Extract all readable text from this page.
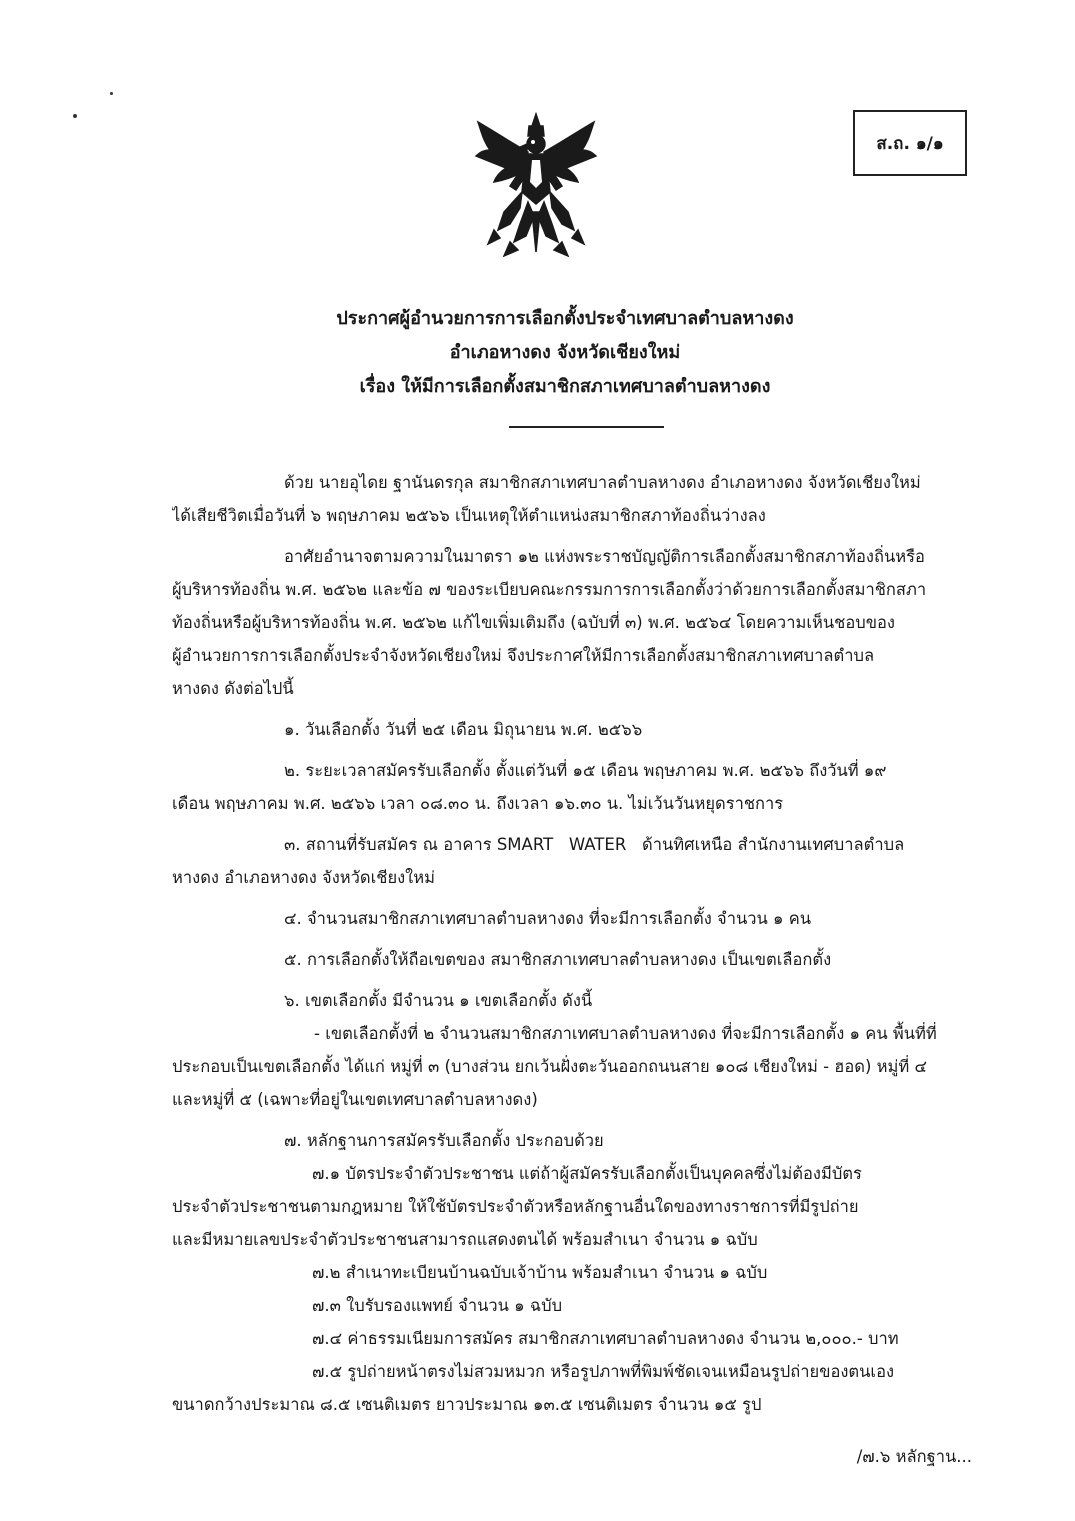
ส.ถ. ๑/๑
ประกาศผู้อำนวยการการเลือกตั้งประจำเทศบาลตำบลหางดง
อำเภอหางดง จังหวัดเชียงใหม่
เรื่อง ให้มีการเลือกตั้งสมาชิกสภาเทศบาลตำบลหางดง
ด้วย นายอุไดย ฐานันดรกุล สมาชิกสภาเทศบาลตำบลหางดง อำเภอหางดง จังหวัดเชียงใหม่
ได้เสียชีวิตเมื่อวันที่ ๖ พฤษภาคม ๒๕๖๖ เป็นเหตุให้ตำแหน่งสมาชิกสภาท้องถิ่นว่างลง
อาศัยอำนาจตามความในมาตรา ๑๒ แห่งพระราชบัญญัติการเลือกตั้งสมาชิกสภาท้องถิ่นหรือ
ผู้บริหารท้องถิ่น พ.ศ. ๒๕๖๒ และข้อ ๗ ของระเบียบคณะกรรมการการเลือกตั้งว่าด้วยการเลือกตั้งสมาชิกสภา
ท้องถิ่นหรือผู้บริหารท้องถิ่น พ.ศ. ๒๕๖๒ แก้ไขเพิ่มเติมถึง (ฉบับที่ ๓) พ.ศ. ๒๕๖๔ โดยความเห็นชอบของ
ผู้อำนวยการการเลือกตั้งประจำจังหวัดเชียงใหม่ จึงประกาศให้มีการเลือกตั้งสมาชิกสภาเทศบาลตำบล
หางดง ดังต่อไปนี้
๑. วันเลือกตั้ง วันที่ ๒๕ เดือน มิถุนายน พ.ศ. ๒๕๖๖
๒. ระยะเวลาสมัครรับเลือกตั้ง ตั้งแต่วันที่ ๑๕ เดือน พฤษภาคม พ.ศ. ๒๕๖๖ ถึงวันที่ ๑๙
เดือน พฤษภาคม พ.ศ. ๒๕๖๖ เวลา ๐๘.๓๐ น. ถึงเวลา ๑๖.๓๐ น. ไม่เว้นวันหยุดราชการ
๓. สถานที่รับสมัคร ณ อาคาร SMART   WATER   ด้านทิศเหนือ สำนักงานเทศบาลตำบล
หางดง อำเภอหางดง จังหวัดเชียงใหม่
๔. จำนวนสมาชิกสภาเทศบาลตำบลหางดง ที่จะมีการเลือกตั้ง จำนวน ๑ คน
๕. การเลือกตั้งให้ถือเขตของ สมาชิกสภาเทศบาลตำบลหางดง เป็นเขตเลือกตั้ง
๖. เขตเลือกตั้ง มีจำนวน ๑ เขตเลือกตั้ง ดังนี้
- เขตเลือกตั้งที่ ๒ จำนวนสมาชิกสภาเทศบาลตำบลหางดง ที่จะมีการเลือกตั้ง ๑ คน พื้นที่ที่
ประกอบเป็นเขตเลือกตั้ง ได้แก่ หมู่ที่ ๓ (บางส่วน ยกเว้นฝั่งตะวันออกถนนสาย ๑๐๘ เชียงใหม่ - ฮอด) หมู่ที่ ๔
และหมู่ที่ ๕ (เฉพาะที่อยู่ในเขตเทศบาลตำบลหางดง)
๗. หลักฐานการสมัครรับเลือกตั้ง ประกอบด้วย
๗.๑ บัตรประจำตัวประชาชน แต่ถ้าผู้สมัครรับเลือกตั้งเป็นบุคคลซึ่งไม่ต้องมีบัตร
ประจำตัวประชาชนตามกฎหมาย ให้ใช้บัตรประจำตัวหรือหลักฐานอื่นใดของทางราชการที่มีรูปถ่าย
และมีหมายเลขประจำตัวประชาชนสามารถแสดงตนได้ พร้อมสำเนา จำนวน ๑ ฉบับ
๗.๒ สำเนาทะเบียนบ้านฉบับเจ้าบ้าน พร้อมสำเนา จำนวน ๑ ฉบับ
๗.๓ ใบรับรองแพทย์ จำนวน ๑ ฉบับ
๗.๔ ค่าธรรมเนียมการสมัคร สมาชิกสภาเทศบาลตำบลหางดง จำนวน ๒,๐๐๐.- บาท
๗.๕ รูปถ่ายหน้าตรงไม่สวมหมวก หรือรูปภาพที่พิมพ์ชัดเจนเหมือนรูปถ่ายของตนเอง
ขนาดกว้างประมาณ ๘.๕ เซนติเมตร ยาวประมาณ ๑๓.๕ เซนติเมตร จำนวน ๑๕ รูป
/๗.๖ หลักฐาน...
